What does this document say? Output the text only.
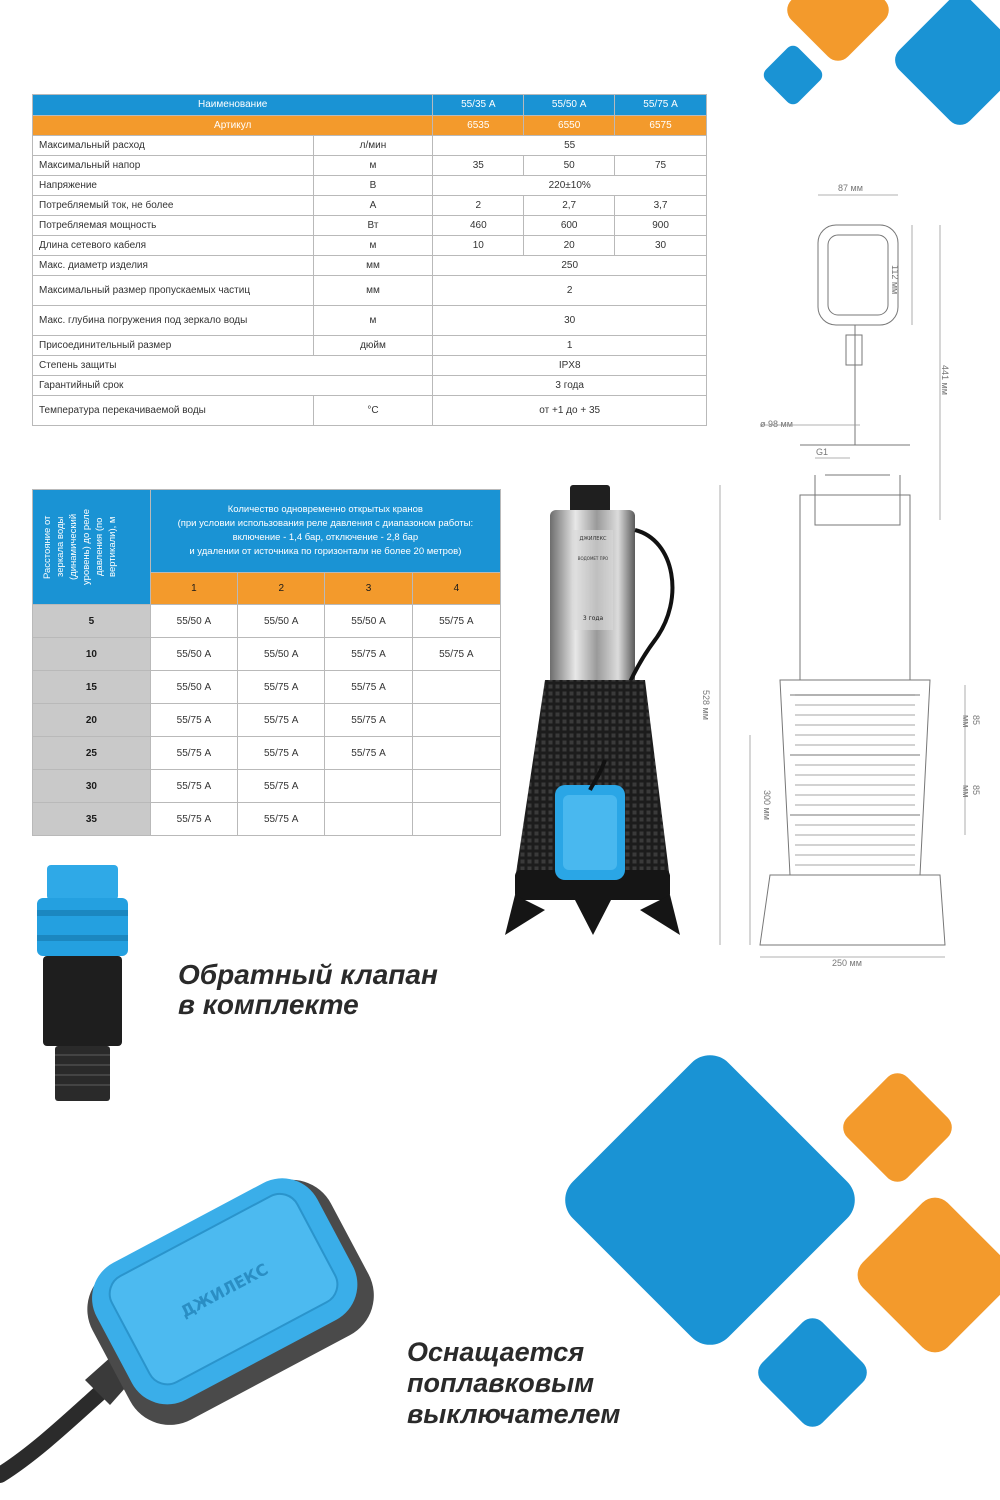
Наименование		55/35 А	55/50 А	55/75 А
Артикул		6535	6550	6575
Максимальный расход	л/мин	55		
Максимальный напор	м	35	50	75
Напряжение	В	220±10%		
Потребляемый ток, не более	А	2	2,7	3,7
Потребляемая мощность	Вт	460	600	900
Длина сетевого кабеля	м	10	20	30
Макс. диаметр изделия	мм	250		
Максимальный размер пропускаемых частиц	мм	2		
Макс. глубина погружения под зеркало воды	м	30		
Присоединительный размер	дюйм	1		
Степень защиты		IPX8		
Гарантийный срок		3 года		
Температура перекачиваемой воды	°С	от +1 до + 35		
Расстояние от зеркала воды (динамический уровень) до реле давления (по вертикали), м	Количество одновременно открытых кранов
(при условии использования реле давления с диапазоном работы:
включение - 1,4 бар, отключение - 2,8 бар
и удалении от источника по горизонтали не более 20 метров)			

	1	2	3	4
5	55/50 А	55/50 А	55/50 А	55/75 А
10	55/50 А	55/50 А	55/75 А	55/75 А
15	55/50 А	55/75 А	55/75 А	
20	55/75 А	55/75 А	55/75 А	
25	55/75 А	55/75 А	55/75 А	
30	55/75 А	55/75 А		
35	55/75 А	55/75 А		
ДЖИЛЕКС
ВОДОМЕТ ПРО
3 года
87 мм
112 мм
441 мм
ø 98 мм
G1
528 мм
85 мм
85 мм
300 мм
250 мм
Обратный клапан
в комплекте
ДЖИЛЕКС
Оснащается
поплавковым
выключателем
